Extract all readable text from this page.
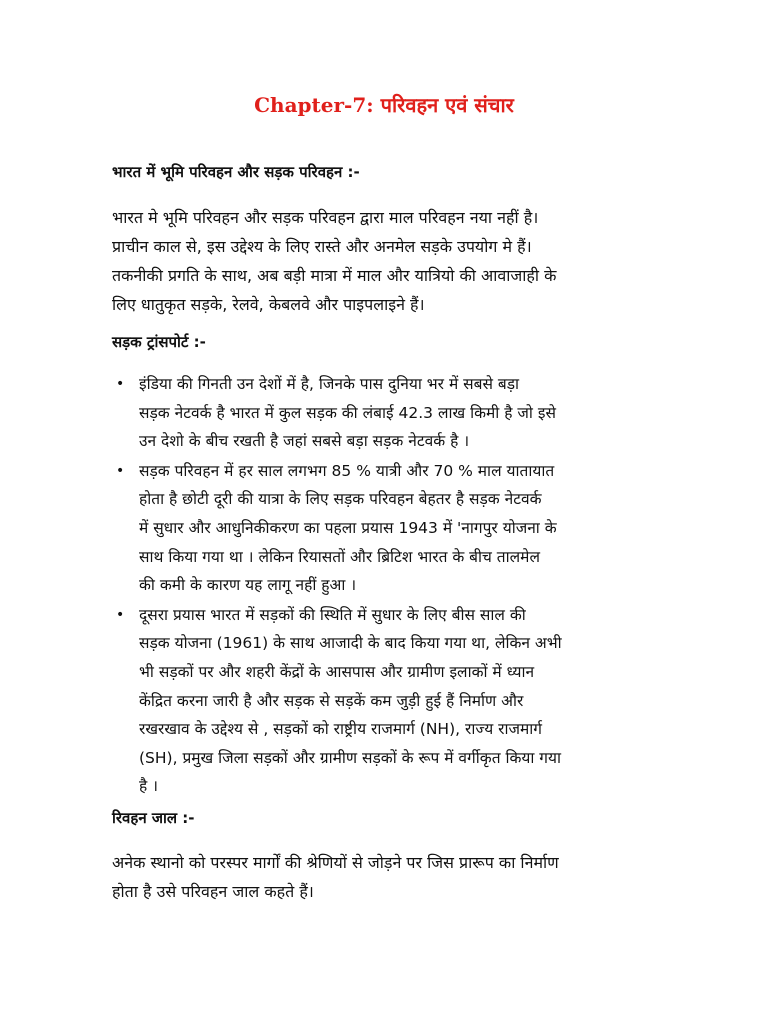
Chapter-7: परिवहन एवं संचार
भारत में भूमि परिवहन और सड़क परिवहन :-
भारत मे भूमि परिवहन और सड़क परिवहन द्वारा माल परिवहन नया नहीं है।
प्राचीन काल से, इस उद्देश्य के लिए रास्ते और अनमेल सड़के उपयोग मे हैं।
तकनीकी प्रगति के साथ, अब बड़ी मात्रा में माल और यात्रियो की आवाजाही के
लिए धातुकृत सड़के, रेलवे, केबलवे और पाइपलाइने हैं।
सड़क ट्रांसपोर्ट :-
• इंडिया की गिनती उन देशों में है, जिनके पास दुनिया भर में सबसे बड़ा
सड़क नेटवर्क है भारत में कुल सड़क की लंबाई 42.3 लाख किमी है जो इसे
उन देशो के बीच रखती है जहां सबसे बड़ा सड़क नेटवर्क है ।
• सड़क परिवहन में हर साल लगभग 85 % यात्री और 70 % माल यातायात
होता है छोटी दूरी की यात्रा के लिए सड़क परिवहन बेहतर है सड़क नेटवर्क
में सुधार और आधुनिकीकरण का पहला प्रयास 1943 में 'नागपुर योजना के
साथ किया गया था । लेकिन रियासतों और ब्रिटिश भारत के बीच तालमेल
की कमी के कारण यह लागू नहीं हुआ ।
• दूसरा प्रयास भारत में सड़कों की स्थिति में सुधार के लिए बीस साल की
सड़क योजना (1961) के साथ आजादी के बाद किया गया था, लेकिन अभी
भी सड़कों पर और शहरी केंद्रों के आसपास और ग्रामीण इलाकों में ध्यान
केंद्रित करना जारी है और सड़क से सड़कें कम जुड़ी हुई हैं निर्माण और
रखरखाव के उद्देश्य से , सड़कों को राष्ट्रीय राजमार्ग (NH), राज्य राजमार्ग
(SH), प्रमुख जिला सड़कों और ग्रामीण सड़कों के रूप में वर्गीकृत किया गया
है ।
रिवहन जाल :-
अनेक स्थानो को परस्पर मार्गों की श्रेणियों से जोड़ने पर जिस प्रारूप का निर्माण
होता है उसे परिवहन जाल कहते हैं।
